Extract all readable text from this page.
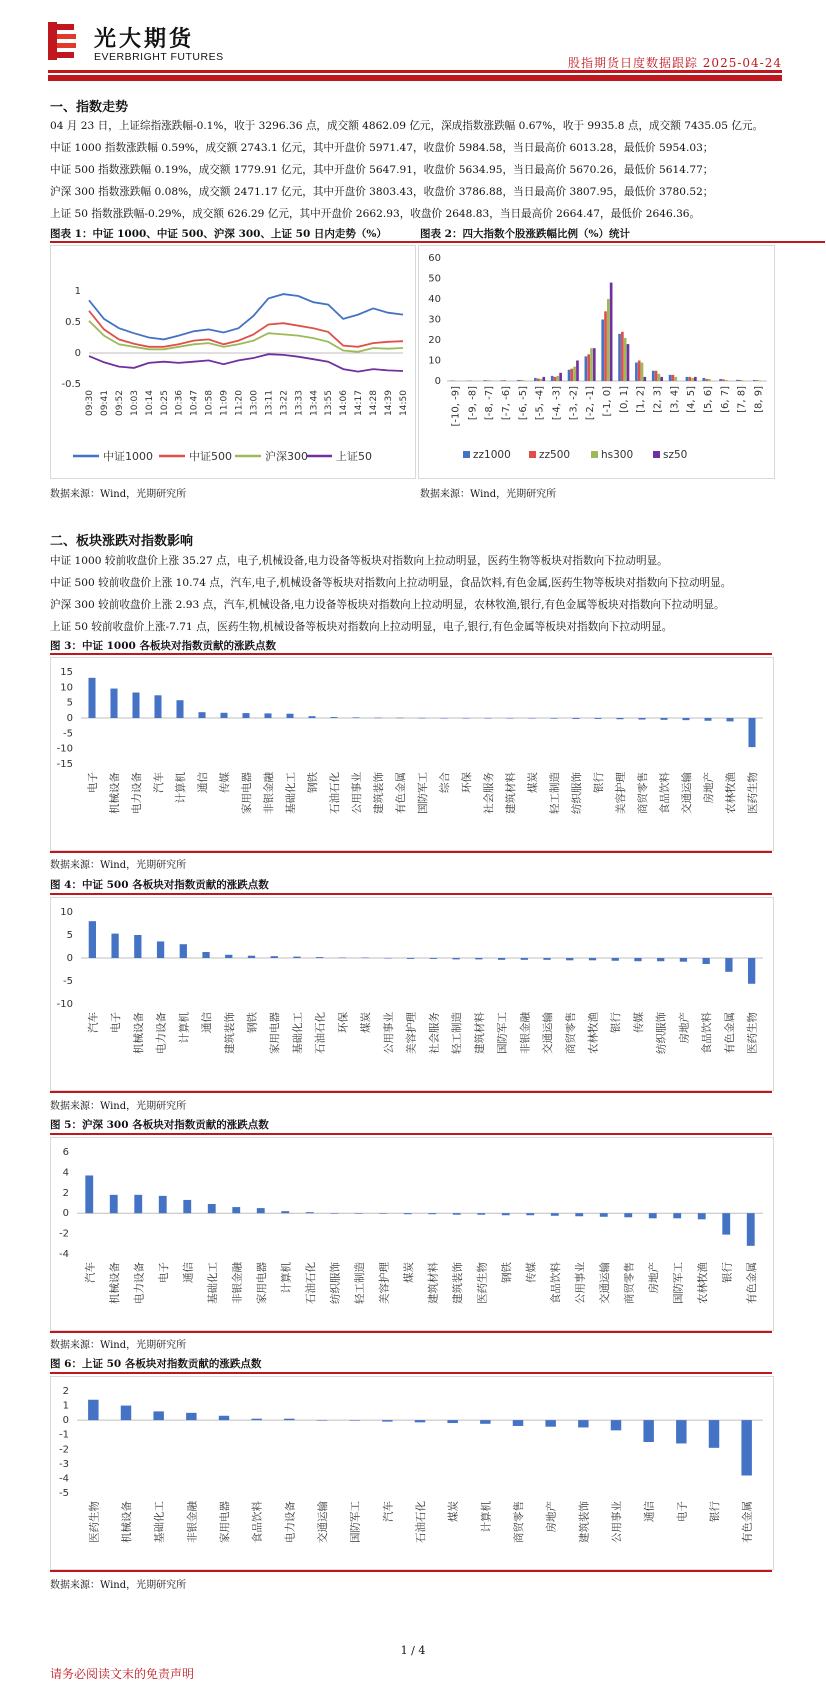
光大期货
EVERBRIGHT FUTURES	股指期货日度数据跟踪 2025-04-24
一、指数走势
04 月 23 日，上证综指涨跌幅-0.1%，收于 3296.36 点，成交额 4862.09 亿元，深成指数涨跌幅 0.67%，收于 9935.8 点，成交额 7435.05 亿元。
中证 1000 指数涨跌幅 0.59%，成交额 2743.1 亿元，其中开盘价 5971.47，收盘价 5984.58，当日最高价 6013.28，最低价 5954.03；
中证 500 指数涨跌幅 0.19%，成交额 1779.91 亿元，其中开盘价 5647.91，收盘价 5634.95，当日最高价 5670.26，最低价 5614.77；
沪深 300 指数涨跌幅 0.08%，成交额 2471.17 亿元，其中开盘价 3803.43，收盘价 3786.88，当日最高价 3807.95，最低价 3780.52；
上证 50 指数涨跌幅-0.29%，成交额 626.29 亿元，其中开盘价 2662.93，收盘价 2648.83，当日最高价 2664.47，最低价 2646.36。
图表 1：中证 1000、中证 500、沪深 300、上证 50 日内走势（%）	图表 2：四大指数个股涨跌幅比例（%）统计
-0.5
0
0.5
1
09:30 09:41 09:52 10:03 10:14 10:25 10:36 10:47 10:58 11:09 11:20 13:00 13:11 13:22 13:33 13:44 13:55 14:06 14:17 14:28 14:39 14:50
中证1000	中证500	沪深300	上证50
0
10
20
30
40
50
60
[-10, -9] [-9, -8] [-8, -7] [-7, -6] [-6, -5] [-5, -4] [-4, -3] [-3, -2] [-2, -1] [-1, 0] [0, 1] [1, 2] [2, 3] [3, 4] [4, 5] [5, 6] [6, 7] [7, 8] [8, 9]
zz1000	zz500	hs300	sz50
数据来源：Wind，光期研究所	数据来源：Wind，光期研究所
二、板块涨跌对指数影响
中证 1000 较前收盘价上涨 35.27 点，电子,机械设备,电力设备等板块对指数向上拉动明显，医药生物等板块对指数向下拉动明显。
中证 500 较前收盘价上涨 10.74 点，汽车,电子,机械设备等板块对指数向上拉动明显，食品饮料,有色金属,医药生物等板块对指数向下拉动明显。
沪深 300 较前收盘价上涨 2.93 点，汽车,机械设备,电力设备等板块对指数向上拉动明显，农林牧渔,银行,有色金属等板块对指数向下拉动明显。
上证 50 较前收盘价上涨-7.71 点，医药生物,机械设备等板块对指数向上拉动明显，电子,银行,有色金属等板块对指数向下拉动明显。
图 3：中证 1000 各板块对指数贡献的涨跌点数
-15
-10
-5
0
5
10
15
电子 机械设备 电力设备 汽车 计算机 通信 传媒 家用电器 非银金融 基础化工 钢铁 石油石化 公用事业 建筑装饰 有色金属 国防军工 综合 环保 社会服务 建筑材料 煤炭 轻工制造 纺织服饰 银行 美容护理 商贸零售 食品饮料 交通运输 房地产 农林牧渔 医药生物
数据来源：Wind，光期研究所
图 4：中证 500 各板块对指数贡献的涨跌点数
-10
-5
0
5
10
汽车 电子 机械设备 电力设备 计算机 通信 建筑装饰 钢铁 家用电器 基础化工 石油石化 环保 煤炭 公用事业 美容护理 社会服务 轻工制造 建筑材料 国防军工 非银金融 交通运输 商贸零售 农林牧渔 银行 传媒 纺织服饰 房地产 食品饮料 有色金属 医药生物
数据来源：Wind，光期研究所
图 5：沪深 300 各板块对指数贡献的涨跌点数
-4
-2
0
2
4
6
汽车 机械设备 电力设备 电子 通信 基础化工 非银金融 家用电器 计算机 石油石化 纺织服饰 轻工制造 美容护理 煤炭 建筑材料 建筑装饰 医药生物 钢铁 传媒 食品饮料 公用事业 交通运输 商贸零售 房地产 国防军工 农林牧渔 银行 有色金属
数据来源：Wind，光期研究所
图 6：上证 50 各板块对指数贡献的涨跌点数
-5
-4
-3
-2
-1
0
1
2
医药生物 机械设备 基础化工 非银金融 家用电器 食品饮料 电力设备 交通运输 国防军工 汽车 石油石化 煤炭 计算机 商贸零售 房地产 建筑装饰 公用事业 通信 电子 银行 有色金属
数据来源：Wind，光期研究所
1 / 4
请务必阅读文末的免责声明
